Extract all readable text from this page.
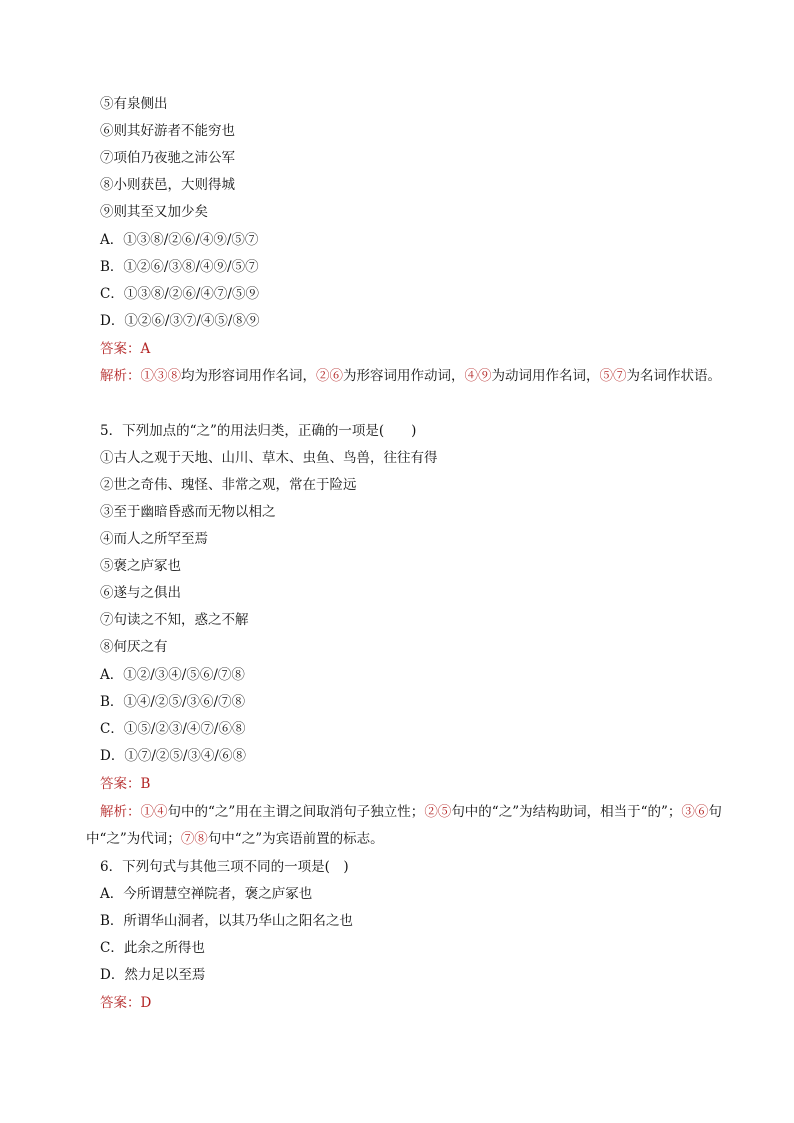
⑤有泉侧出
⑥则其好游者不能穷也
⑦项伯乃夜驰之沛公军
⑧小则获邑，大则得城
⑨则其至又加少矣
A．①③⑧/②⑥/④⑨/⑤⑦
B．①②⑥/③⑧/④⑨/⑤⑦
C．①③⑧/②⑥/④⑦/⑤⑨
D．①②⑥/③⑦/④⑤/⑧⑨
答案：A
解析：①③⑧均为形容词用作名词，②⑥为形容词用作动词，④⑨为动词用作名词，⑤⑦为名词作状语。
5．下列加点的“之”的用法归类，正确的一项是(　　)
①古人之观于天地、山川、草木、虫鱼、鸟兽，往往有得
②世之奇伟、瑰怪、非常之观，常在于险远
③至于幽暗昏惑而无物以相之
④而人之所罕至焉
⑤褒之庐冢也
⑥遂与之俱出
⑦句读之不知，惑之不解
⑧何厌之有
A．①②/③④/⑤⑥/⑦⑧
B．①④/②⑤/③⑥/⑦⑧
C．①⑤/②③/④⑦/⑥⑧
D．①⑦/②⑤/③④/⑥⑧
答案：B
解析：①④句中的“之”用在主谓之间取消句子独立性；②⑤句中的“之”为结构助词，相当于“的”；③⑥句中“之”为代词；⑦⑧句中“之”为宾语前置的标志。
6．下列句式与其他三项不同的一项是(　)
A．今所谓慧空禅院者，褒之庐冢也
B．所谓华山洞者，以其乃华山之阳名之也
C．此余之所得也
D．然力足以至焉
答案：D
